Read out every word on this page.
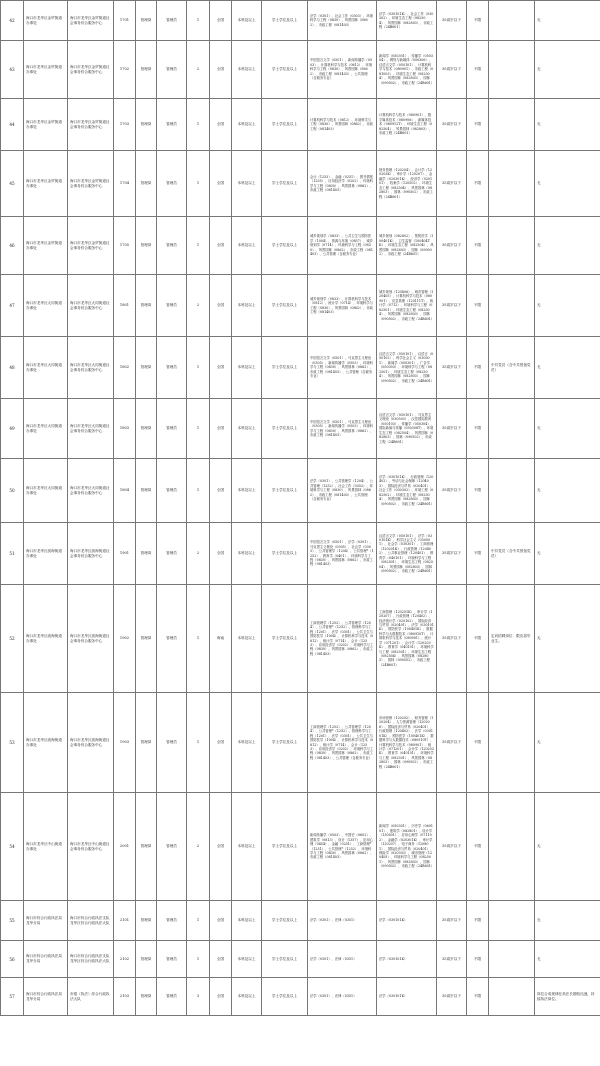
42	海口市龙华区金贸街道办事处	海口市龙华区金贸街道社会事务综合服务中心	1701	管理岗	管理员	1	全国	本科及以上	学士学位及以上	法学（0301）、社会工作（0303）、环境科学与工程（0830）、风景园林（0862）、市政工程（081403）	法学（030101K）、社会工作（030302）、环境生态工程（082504）、风景园林（082803）、市政工程（24B601）	35周岁以下	不限		无
43	海口市龙华区金贸街道办事处	海口市龙华区金贸街道社会事务综合服务中心	1702	管理岗	管理员	2	全国	本科及以上	学士学位及以上	中国语言文学（0501）、新闻传播学（0503）、计算机科学与技术（0812）、环境科学与工程（0830）、风景园林（0862）、市政工程（081403）、公共管理（含税务专业）	新闻学（050301）、传播学（050304）、网络与新媒体（050306）、汉语言文学（050101）、计算机科学与技术（080901）、市政工程（081003）、环境生态工程（082504）、风景园林（082803）、园林（090502）、市政工程（24B601）	35周岁以下	不限		无
44	海口市龙华区金贸街道办事处	海口市龙华区金贸街道社会事务综合服务中心	1703	管理岗	管理员	1	全国	本科及以上	学士学位及以上	计算机科学与技术（0812）、环境科学与工程（0830）、风景园林（0862）、市政工程（081403）	计算机科学与技术（080901）、数字媒体技术（080906）、新媒体技术（080912T）、环境生态工程（082504）、风景园林（082803）、市政工程（24B601）	35周岁以下	不限		无
45	海口市龙华区金贸街道办事处	海口市龙华区金贸街道社会事务综合服务中心	1704	管理岗	管理员	1	全国	本科及以上	学士学位及以上	会计（1253）、金融（0251）、图书情报（1255）、应用经济学（0202）、环境科学与工程（0830）、风景园林（0862）、市政工程（081403）	财务管理（120204）、会计学（120203K）、审计学（120207）、金融学（020301K）、经济学（020101）、档案学（120502）、环境生态工程（082504）、风景园林（082803）、园林（090502）、市政工程（24B601）	35周岁以下	不限		无
46	海口市龙华区金贸街道办事处	海口市龙华区金贸街道社会事务综合服务中心	1705	管理岗	管理员	1	全国	本科及以上	学士学位及以上	城乡规划学（0833）、公共卫生与预防医学（1004）、资源与环境（0857）、城乡规划学（0714）、环境科学与工程（0830）、风景园林（0862）、市政工程（081403）、公共管理（含税务专业）	城乡规划（082802）、预防医学（100401K）、卫生监督（100404TK）、环境生态工程（082504）、风景园林（082803）、园林（090502）、市政工程（24B601）	35周岁以下	不限		无
47	海口市龙华区大同街道办事处	海口市龙华区大同街道社会事务综合服务中心	1801	管理岗	管理员	2	全国	本科及以上	学士学位及以上	城乡规划学（0833）、计算机科学与技术（0812）、统计学（0714）、环境科学与工程（0830）、风景园林（0862）、市政工程（081403）	城乡规划（120406）、城市管理（120405）、计算机科学与技术（080901）、应急管理（120111T）、统计学（0712）、环境科学与工程（082501）、环境生态工程（082504）、风景园林（082803）、园林（090502）、市政工程（24B601）	35周岁以下	不限		无
48	海口市龙华区大同街道办事处	海口市龙华区大同街道社会事务综合服务中心	1802	管理岗	管理员	1	全国	本科及以上	学士学位及以上	中国语言文学（0501）、马克思主义理论（0305）、新闻传播学（0503）、环境科学与工程（0830）、风景园林（0862）、市政工程（081403）、公共管理（含税务专业）	汉语言文学（050101）、汉语言（050102）、科学社会主义（030501）、新闻学（050301）、广告学（050303）、环境科学与工程（082501）、环境生态工程（082504）、风景园林（082803）、园林（090502）、市政工程（24B601）	35周岁以下	不限	中共党员（含中共预备党员）	无
49	海口市龙华区大同街道办事处	海口市龙华区大同街道社会事务综合服务中心	1803	管理岗	管理员	1	全国	本科及以上	学士学位及以上	中国语言文学（0501）、马克思主义理论（0305）、新闻传播学（0503）、环境科学与工程（0830）、风景园林（0862）、市政工程（081403）	汉语言文学（050101）、马克思主义理论（030503）、汉语国际教育（050103）、传播学（050304）、国际新闻与传播（050308T）、环境生态工程（082504）、风景园林（082803）、园林（090502）、市政工程（24B601）	35周岁以下	不限		无
50	海口市龙华区大同街道办事处	海口市龙华区大同街道社会事务综合服务中心	1804	管理岗	管理员	1	全国	本科及以上	学士学位及以上	法学（0301）、公共管理学（1204）、公共管理（1252）、社会工作（0352）、环境科学与工程（0830）、风景园林（0862）、市政工程（081403）、公共管理（含税务专业）	法学（030101K）、行政管理（120402）、劳动与社会保障（120403）、国际经济与贸易（020401）、社会工作（030302）、环境工程（082502）、环境生态工程（082504）、风景园林（082803）、园林（090502）、市政工程（24B601）	35周岁以下	不限		无
51	海口市龙华区滨海街道办事处	海口市龙华区滨海街道社会事务综合服务中心	1901	管理岗	管理员	2	全国	本科及以上	学士学位及以上	中国语言文学（0501）、法学（0301）、马克思主义理论（0305）、社会学（0303）、公共管理学（1204）、公共管理*（1252）、教育学（0401）、环境科学与工程（0830）、风景园林（0862）、市政工程（081403）	汉语言文学（050101）、法学（030101K）、科学社会主义（030501）、社会学（030301）、工商管理（120201K）、行政管理（120402）、公共事业管理（120401）、教育学（040101）、环境科学与工程（082501）、环境生态工程（082504）、风景园林（082803）、园林（090502）、市政工程（24B601）	35周岁以下	不限	中共党员（含中共预备党员）	无
52	海口市龙华区滨海街道办事处	海口市龙华区滨海街道社会事务综合服务中心	1902	管理岗	管理员	1	海南	本科及以上	学士学位及以上	工商管理学（1202）、公共管理学（1204）、公共管理*（1252）、管理科学与工程（1201）、法学（0301）、公共卫生与预防医学（1004）、计算机科学与技术（0812）、统计学（0714）、会计（1253）、应用经济学（0202）、环境科学与工程（0830）、风景园林（0862）、市政工程（081403）	工商管理（120201K）、审计学（120207）、行政管理（120402）、经济统计学（020102）、国际经济与贸易（020401）、法学（030101K）、预防医学（100401K）、数据科学与大数据技术（080910T）、计算机科学与技术（080901）、统计学（071201）、会计学（120203K）、教育学（040101）、环境科学与工程（082501）、环境生态工程（082504）、风景园林（082803）、园林（090502）、市政工程（24B601）	35周岁以下	不限	定向招聘岗位：限应届毕业生。	无
53	海口市龙华区滨海街道办事处	海口市龙华区滨海街道社会事务综合服务中心	1903	管理岗	管理员	1	全国	本科及以上	学士学位及以上	工商管理学（1202）、公共管理学（1204）、公共管理*（1252）、管理科学与工程（1201）、法学（0301）、公共卫生与预防医学（1004）、计算机科学与技术（0812）、统计学（0714）、会计（1253）、应用经济学（0202）、环境科学与工程（0830）、风景园林（0862）、市政工程（081403）、公共管理（含税务专业）	市场营销（120202）、财务管理（120204）、人力资源管理（120206）、国际经济与贸易（020401）、行政管理（120402）、法学（030101K）、预防医学（100401K）、数据科学与大数据技术（080910T）、计算机科学与技术（080901）、统计学（071201）、会计学（120203K）、教育学（040101）、环境科学与工程（082501）、风景园林（082803）、园林（090502）、市政工程（24B601）	35周岁以下	不限		无
54	海口市龙华区中山街道办事处	海口市龙华区中山街道社会事务综合服务中心	2001	管理岗	管理员	2	全国	本科及以上	学士学位及以上	新闻传播学（0503）、中国史（0602）、建筑学（0813）、设计（1357）、应用心理（0454）、金融（0251）、工商管理*（1251）、公共管理*（1252）、环境科学与工程（0830）、风景园林（0862）、市政工程（081403）	新闻学（050301）、历史学（060101）、建筑学（082801）、设计学（130501）、应用心理学（071102）、金融学（020301K）、审计学（120207）、电子商务（120801）、国际经济与贸易（020401）、保险学（020303）、城市管理（120405）、环境科学与工程（082501）、风景园林（082803）、园林（090502）、市政工程（24B601）	35周岁以下	不限		无
55	海口市综合行政执法局龙华分局	海口市综合行政执法支队龙华区综合行政执法大队	2101	管理岗	管理员	1	全国	本科及以上	学士学位及以上	法学（0301）、法律（0351）	法学（030101K）	35周岁以下	不限		无
56	海口市综合行政执法局龙华分局	海口市综合行政执法支队龙华区综合行政执法大队	2102	管理岗	管理员	1	全国	本科及以上	学士学位及以上	法学（0301）、法律（0351）	法学（030101K）	35周岁以下	不限		无
57	海口市综合行政执法局龙华分局	市级（执法）综合行政执法大队	2103	管理岗	管理员	3	全国	本科及以上	学士学位及以上	法学（0301）、法律（0351）	法学（030101K）	35周岁以下	不限		岗位合成规律在高在长期较迅速，持续执法岗位。
